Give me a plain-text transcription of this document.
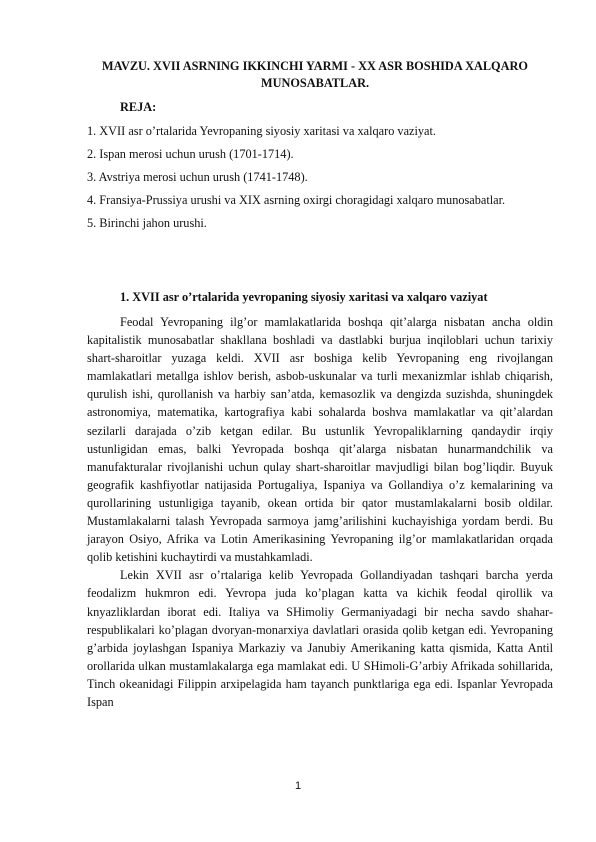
MAVZU. XVII ASRNING IKKINCHI YARMI - XX ASR BOSHIDA XALQARO MUNOSABATLAR.
REJA:
1. XVII asr o’rtalarida Yevropaning siyosiy xaritasi va xalqaro vaziyat.
2. Ispan merosi uchun urush (1701-1714).
3. Avstriya merosi uchun urush (1741-1748).
4. Fransiya-Prussiya urushi va XIX asrning oxirgi choragidagi xalqaro munosabatlar.
5. Birinchi jahon urushi.
1. XVII asr o’rtalarida yevropaning siyosiy xaritasi va xalqaro vaziyat

Feodal Yevropaning ilg’or mamlakatlarida boshqa qit’alarga nisbatan ancha oldin kapitalistik munosabatlar shakllana boshladi va dastlabki burjua inqiloblari uchun tarixiy shart-sharoitlar yuzaga keldi. XVII asr boshiga kelib Yevropaning eng rivojlangan mamlakatlari metallga ishlov berish, asbob-uskunalar va turli mexanizmlar ishlab chiqarish, qurulish ishi, qurollanish va harbiy san’atda, kemasozlik va dengizda suzishda, shuningdek astronomiya, matematika, kartografiya kabi sohalarda boshva mamlakatlar va qit’alardan sezilarli darajada o’zib ketgan edilar. Bu ustunlik Yevropaliklarning qandaydir irqiy ustunligidan emas, balki Yevropada boshqa qit’alarga nisbatan hunarmandchilik va manufakturalar rivojlanishi uchun qulay shart-sharoitlar mavjudligi bilan bog’liqdir. Buyuk geografik kashfiyotlar natijasida Portugaliya, Ispaniya va Gollandiya o’z kemalarining va qurollarining ustunligiga tayanib, okean ortida bir qator mustamlakalarni bosib oldilar. Mustamlakalarni talash Yevropada sarmoya jamg’arilishini kuchayishiga yordam berdi. Bu jarayon Osiyo, Afrika va Lotin Amerikasining Yevropaning ilg’or mamlakatlaridan orqada qolib ketishini kuchaytirdi va mustahkamladi.

Lekin XVII asr o’rtalariga kelib Yevropada Gollandiyadan tashqari barcha yerda feodalizm hukmron edi. Yevropa juda ko’plagan katta va kichik feodal qirollik va knyazliklardan iborat edi. Italiya va SHimoliy Germaniyadagi bir necha savdo shahar-respublikalari ko’plagan dvoryan-monarxiya davlatlari orasida qolib ketgan edi. Yevropaning g’arbida joylashgan Ispaniya Markaziy va Janubiy Amerikaning katta qismida, Katta Antil orollarida ulkan mustamlakalarga ega mamlakat edi. U SHimoli-G’arbiy Afrikada sohillarida, Tinch okeanidagi Filippin arxipelagida ham tayanch punktlariga ega edi. Ispanlar Yevropada Ispan

1
